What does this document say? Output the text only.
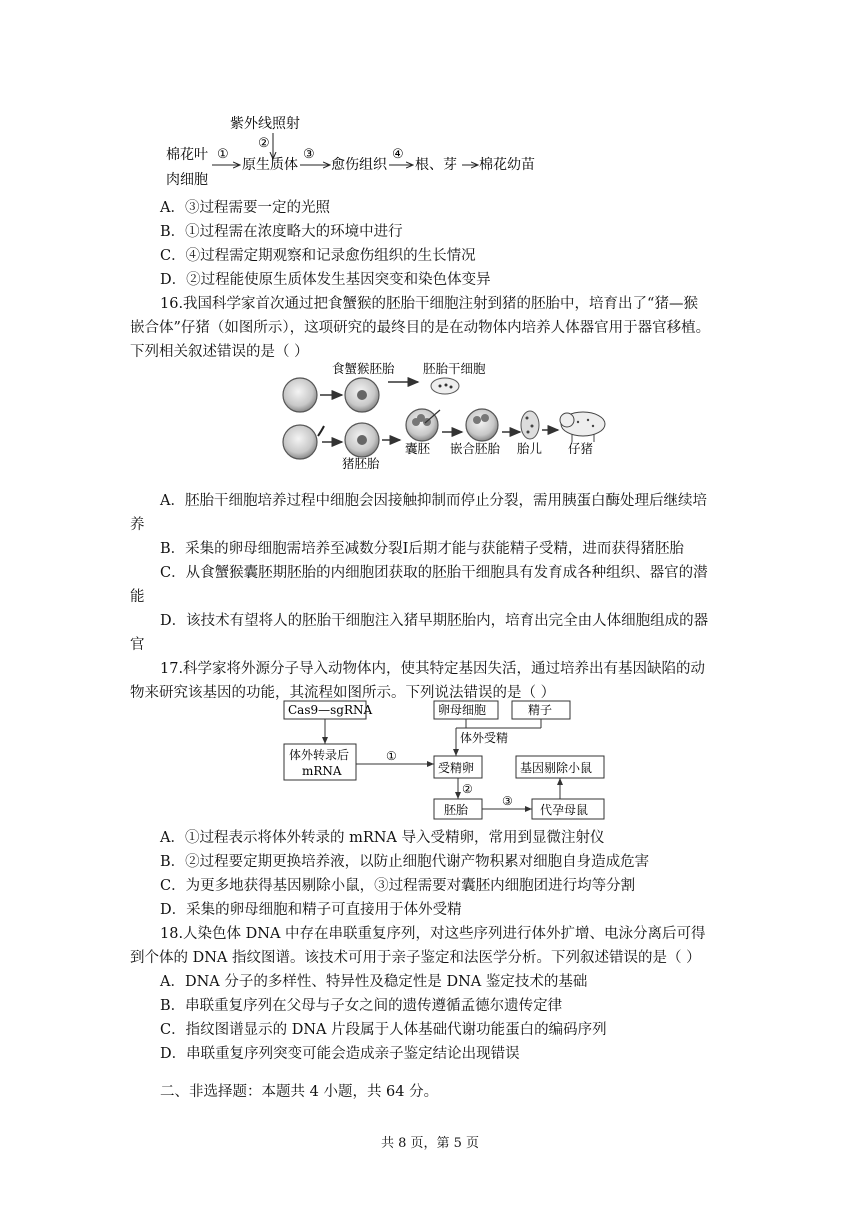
紫外线照射
②
棉花叶
肉细胞
①
原生质体
③
愈伤组织
④
根、芽 棉花幼苗
A．③过程需要一定的光照
B．①过程需在浓度略大的环境中进行
C．④过程需定期观察和记录愈伤组织的生长情况
D．②过程能使原生质体发生基因突变和染色体变异
16.我国科学家首次通过把食蟹猴的胚胎干细胞注射到猪的胚胎中，培育出了“猪—猴
嵌合体”仔猪（如图所示），这项研究的最终目的是在动物体内培养人体器官用于器官移植。
下列相关叙述错误的是（ ）
食蟹猴胚胎 胚胎干细胞
猪胚胎
囊胚 嵌合胚胎 胎儿 仔猪
A．胚胎干细胞培养过程中细胞会因接触抑制而停止分裂，需用胰蛋白酶处理后继续培
养
B．采集的卵母细胞需培养至减数分裂Ⅰ后期才能与获能精子受精，进而获得猪胚胎
C．从食蟹猴囊胚期胚胎的内细胞团获取的胚胎干细胞具有发育成各种组织、器官的潜
能
D．该技术有望将人的胚胎干细胞注入猪早期胚胎内，培育出完全由人体细胞组成的器
官
17.科学家将外源分子导入动物体内，使其特定基因失活，通过培养出有基因缺陷的动
物来研究该基因的功能，其流程如图所示。下列说法错误的是（ ）
Cas9—sgRNA	卵母细胞	精子
体外受精
体外转录后
mRNA
①
受精卵
②
基因剔除小鼠
胚胎
③
代孕母鼠
A．①过程表示将体外转录的 mRNA 导入受精卵，常用到显微注射仪
B．②过程要定期更换培养液，以防止细胞代谢产物积累对细胞自身造成危害
C．为更多地获得基因剔除小鼠，③过程需要对囊胚内细胞团进行均等分割
D．采集的卵母细胞和精子可直接用于体外受精
18.人染色体 DNA 中存在串联重复序列，对这些序列进行体外扩增、电泳分离后可得
到个体的 DNA 指纹图谱。该技术可用于亲子鉴定和法医学分析。下列叙述错误的是（ ）
A．DNA 分子的多样性、特异性及稳定性是 DNA 鉴定技术的基础
B．串联重复序列在父母与子女之间的遗传遵循孟德尔遗传定律
C．指纹图谱显示的 DNA 片段属于人体基础代谢功能蛋白的编码序列
D．串联重复序列突变可能会造成亲子鉴定结论出现错误
二、非选择题：本题共 4 小题，共 64 分。
共 8 页，第 5 页
